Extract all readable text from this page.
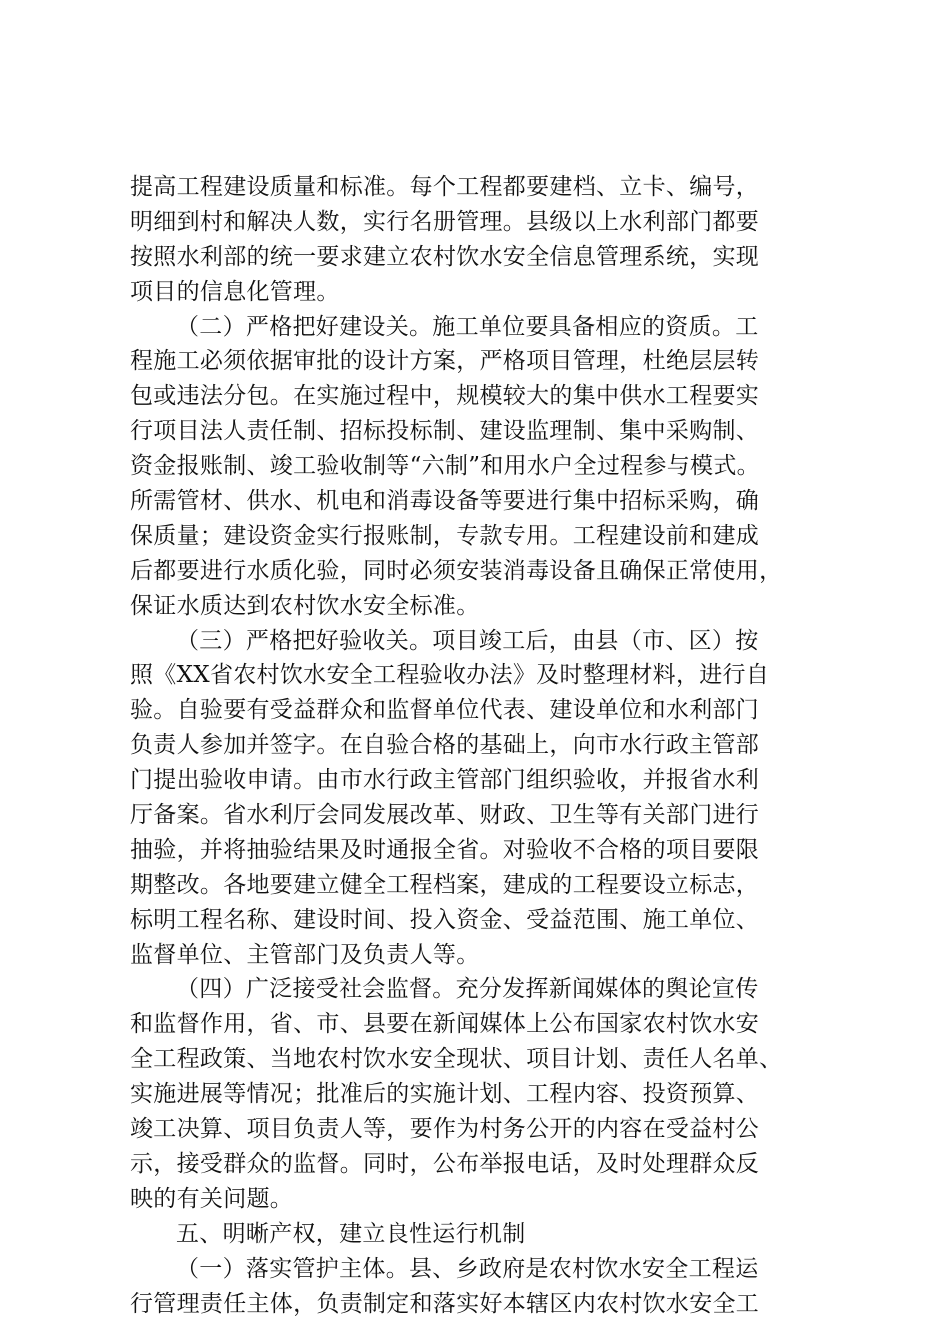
提高工程建设质量和标准。每个工程都要建档、立卡、编号，
明细到村和解决人数，实行名册管理。县级以上水利部门都要
按照水利部的统一要求建立农村饮水安全信息管理系统，实现
项目的信息化管理。
（二）严格把好建设关。施工单位要具备相应的资质。工
程施工必须依据审批的设计方案，严格项目管理，杜绝层层转
包或违法分包。在实施过程中，规模较大的集中供水工程要实
行项目法人责任制、招标投标制、建设监理制、集中采购制、
资金报账制、竣工验收制等“六制”和用水户全过程参与模式。
所需管材、供水、机电和消毒设备等要进行集中招标采购，确
保质量；建设资金实行报账制，专款专用。工程建设前和建成
后都要进行水质化验，同时必须安装消毒设备且确保正常使用，
保证水质达到农村饮水安全标准。
（三）严格把好验收关。项目竣工后，由县（市、区）按
照《XX省农村饮水安全工程验收办法》及时整理材料，进行自
验。自验要有受益群众和监督单位代表、建设单位和水利部门
负责人参加并签字。在自验合格的基础上，向市水行政主管部
门提出验收申请。由市水行政主管部门组织验收，并报省水利
厅备案。省水利厅会同发展改革、财政、卫生等有关部门进行
抽验，并将抽验结果及时通报全省。对验收不合格的项目要限
期整改。各地要建立健全工程档案，建成的工程要设立标志，
标明工程名称、建设时间、投入资金、受益范围、施工单位、
监督单位、主管部门及负责人等。
（四）广泛接受社会监督。充分发挥新闻媒体的舆论宣传
和监督作用，省、市、县要在新闻媒体上公布国家农村饮水安
全工程政策、当地农村饮水安全现状、项目计划、责任人名单、
实施进展等情况；批准后的实施计划、工程内容、投资预算、
竣工决算、项目负责人等，要作为村务公开的内容在受益村公
示，接受群众的监督。同时，公布举报电话，及时处理群众反
映的有关问题。
五、明晰产权，建立良性运行机制
（一）落实管护主体。县、乡政府是农村饮水安全工程运
行管理责任主体，负责制定和落实好本辖区内农村饮水安全工
